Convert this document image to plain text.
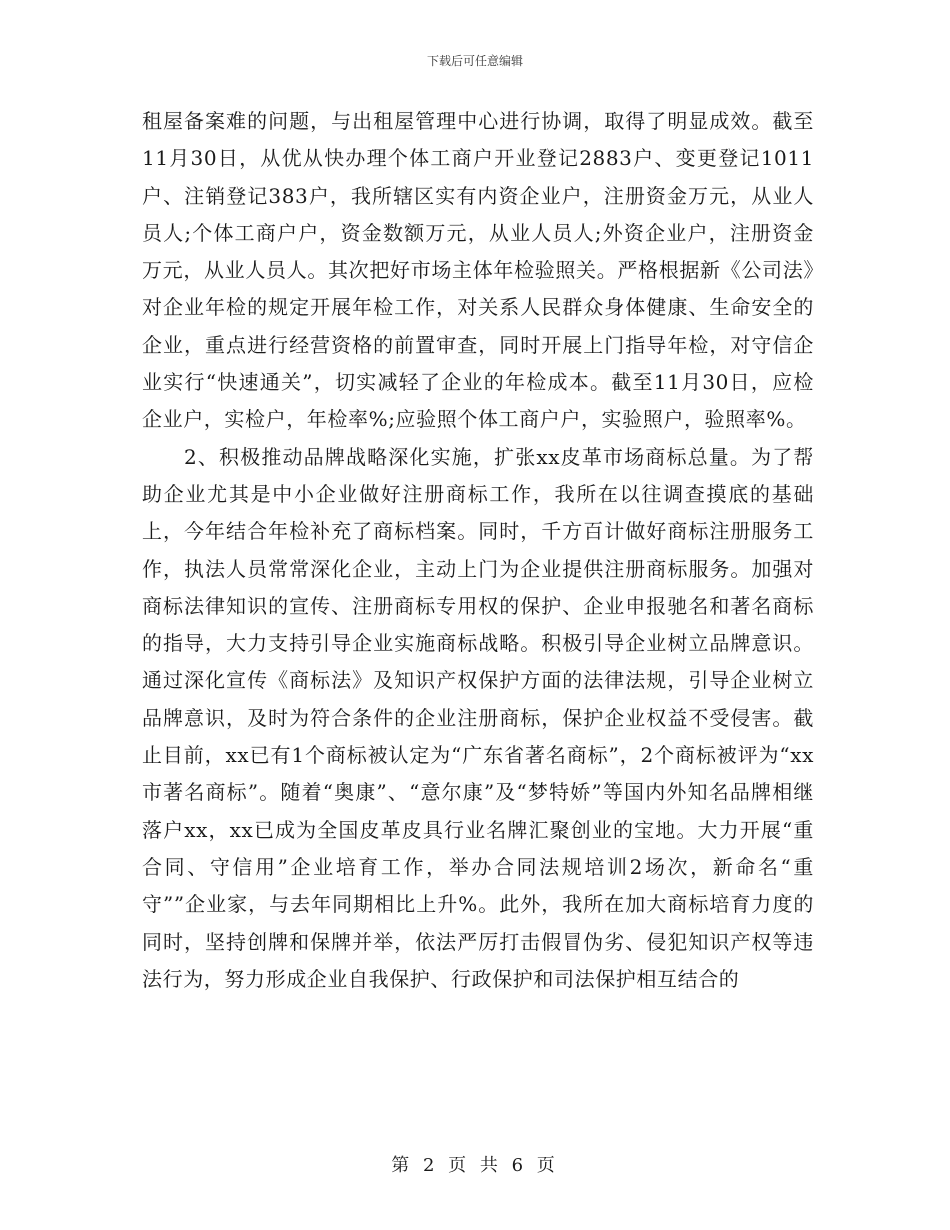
下载后可任意编辑

租屋备案难的问题，与出租屋管理中心进行协调，取得了明显成效。截至11月30日，从优从快办理个体工商户开业登记2883户、变更登记1011户、注销登记383户，我所辖区实有内资企业户，注册资金万元，从业人员人;个体工商户户，资金数额万元，从业人员人;外资企业户，注册资金万元，从业人员人。其次把好市场主体年检验照关。严格根据新《公司法》对企业年检的规定开展年检工作，对关系人民群众身体健康、生命安全的企业，重点进行经营资格的前置审查，同时开展上门指导年检，对守信企业实行“快速通关”，切实减轻了企业的年检成本。截至11月30日，应检企业户，实检户，年检率%;应验照个体工商户户，实验照户，验照率%。

2、积极推动品牌战略深化实施，扩张xx皮革市场商标总量。为了帮助企业尤其是中小企业做好注册商标工作，我所在以往调查摸底的基础上，今年结合年检补充了商标档案。同时，千方百计做好商标注册服务工作，执法人员常常深化企业，主动上门为企业提供注册商标服务。加强对商标法律知识的宣传、注册商标专用权的保护、企业申报驰名和著名商标的指导，大力支持引导企业实施商标战略。积极引导企业树立品牌意识。通过深化宣传《商标法》及知识产权保护方面的法律法规，引导企业树立品牌意识，及时为符合条件的企业注册商标，保护企业权益不受侵害。截止目前，xx已有1个商标被认定为“广东省著名商标”，2个商标被评为“xx市著名商标”。随着“奥康”、“意尔康”及“梦特娇”等国内外知名品牌相继落户xx，xx已成为全国皮革皮具行业名牌汇聚创业的宝地。大力开展“重合同、守信用”企业培育工作，举办合同法规培训2场次，新命名“重守””企业家，与去年同期相比上升%。此外，我所在加大商标培育力度的同时，坚持创牌和保牌并举，依法严厉打击假冒伪劣、侵犯知识产权等违法行为，努力形成企业自我保护、行政保护和司法保护相互结合的

第 2 页 共 6 页
